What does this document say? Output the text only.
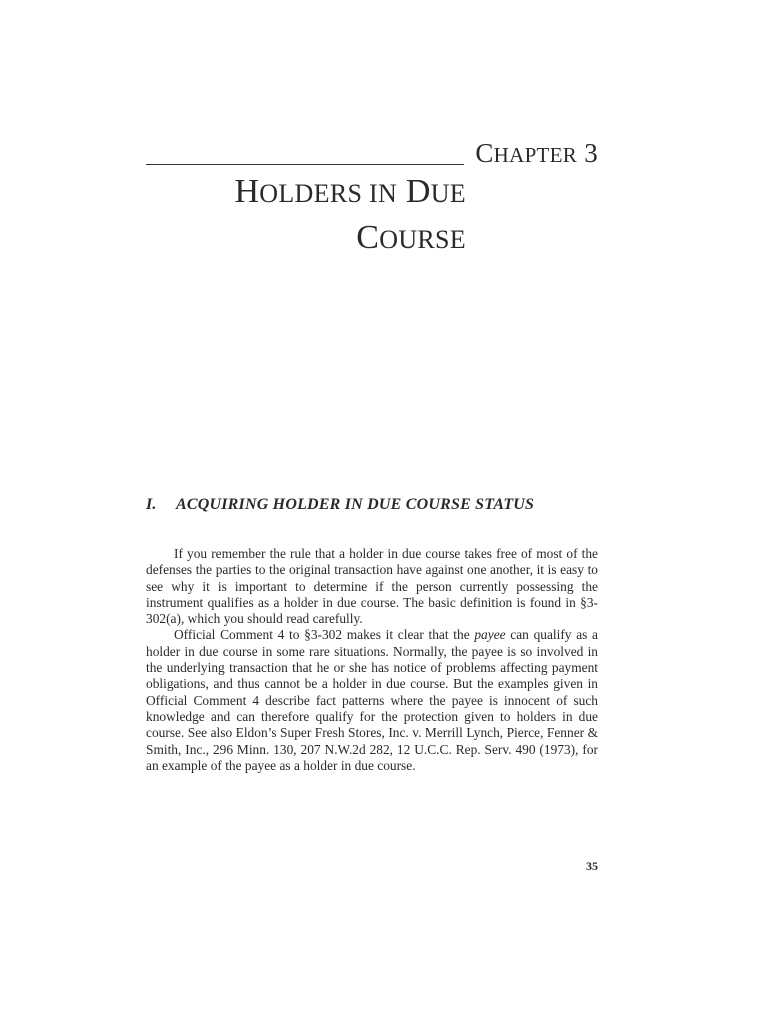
CHAPTER 3
HOLDERS IN DUE
COURSE
I. ACQUIRING HOLDER IN DUE COURSE STATUS

If you remember the rule that a holder in due course takes free of most of the defenses the parties to the original transaction have against one another, it is easy to see why it is important to determine if the person currently possessing the instrument qualifies as a holder in due course. The basic definition is found in §3-302(a), which you should read carefully.

Official Comment 4 to §3-302 makes it clear that the payee can qualify as a holder in due course in some rare situations. Normally, the payee is so involved in the underlying transaction that he or she has notice of problems affecting payment obligations, and thus cannot be a holder in due course. But the examples given in Official Comment 4 describe fact patterns where the payee is innocent of such knowledge and can therefore qualify for the protection given to holders in due course. See also Eldon’s Super Fresh Stores, Inc. v. Merrill Lynch, Pierce, Fenner & Smith, Inc., 296 Minn. 130, 207 N.W.2d 282, 12 U.C.C. Rep. Serv. 490 (1973), for an example of the payee as a holder in due course.

35
